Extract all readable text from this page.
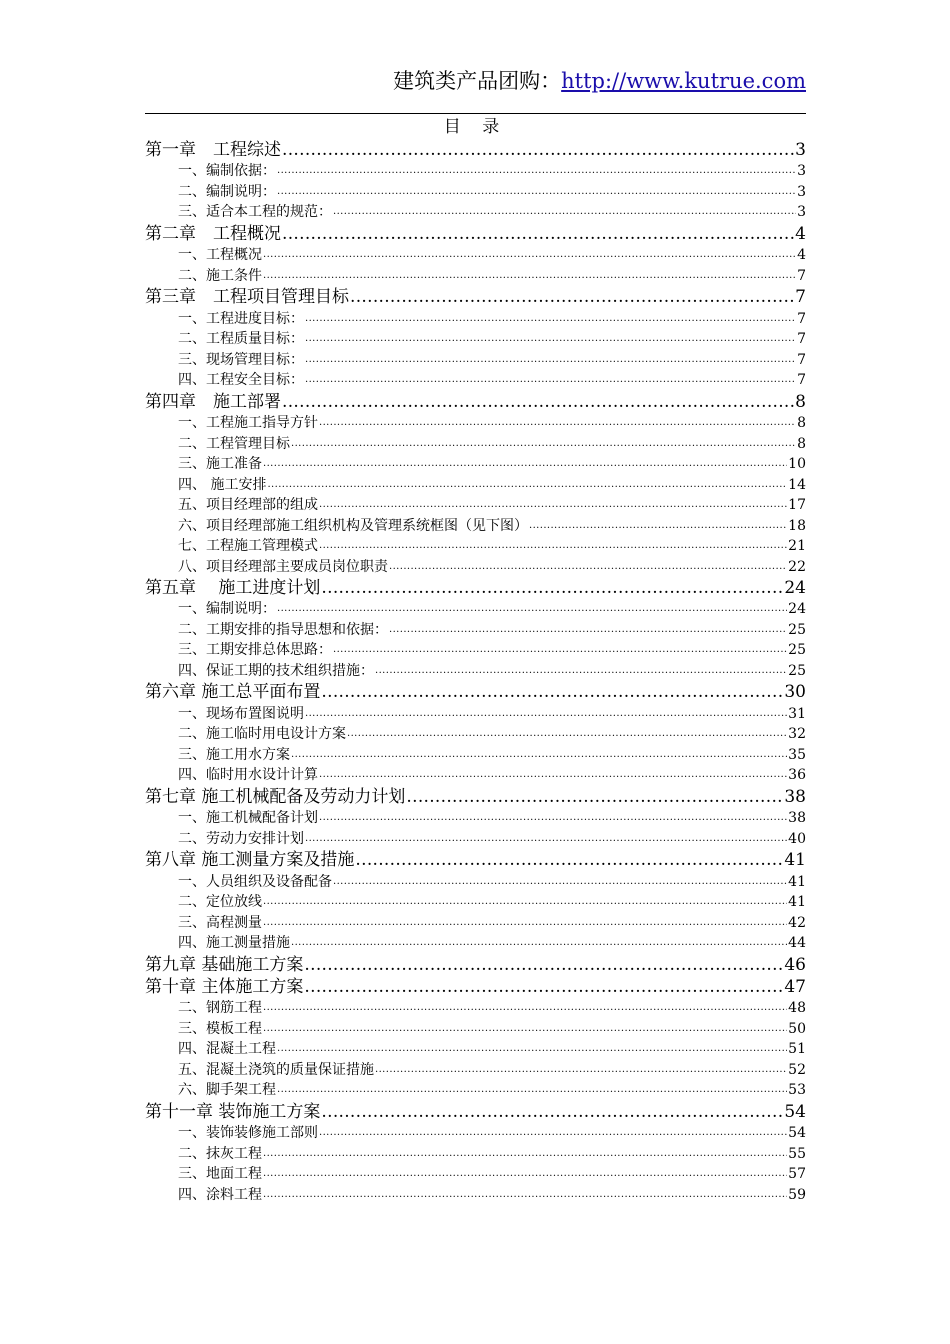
建筑类产品团购：http://www.kutrue.com
目 录
第一章　工程综述 .....	3
一、编制依据： .....	3
二、编制说明： .....	3
三、适合本工程的规范： .....	3
第二章　工程概况 .....	4
一、工程概况 .....	4
二、施工条件 .....	7
第三章　工程项目管理目标 .....	7
一、工程进度目标： .....	7
二、工程质量目标： .....	7
三、现场管理目标： .....	7
四、工程安全目标： .....	7
第四章　施工部署 .....	8
一、工程施工指导方针 .....	8
二、工程管理目标 .....	8
三、施工准备 .....	10
四、 施工安排 .....	14
五、项目经理部的组成 .....	17
六、项目经理部施工组织机构及管理系统框图（见下图） .....	18
七、工程施工管理模式 .....	21
八、项目经理部主要成员岗位职责 .....	22
第五章　 施工进度计划 .....	24
一、编制说明： .....	24
二、工期安排的指导思想和依据： .....	25
三、工期安排总体思路： .....	25
四、保证工期的技术组织措施： .....	25
第六章 施工总平面布置 .....	30
一、现场布置图说明 .....	31
二、施工临时用电设计方案 .....	32
三、施工用水方案 .....	35
四、临时用水设计计算 .....	36
第七章 施工机械配备及劳动力计划 .....	38
一、施工机械配备计划 .....	38
二、劳动力安排计划 .....	40
第八章 施工测量方案及措施 .....	41
一、人员组织及设备配备 .....	41
二、定位放线 .....	41
三、高程测量 .....	42
四、施工测量措施 .....	44
第九章 基础施工方案 .....	46
第十章 主体施工方案 .....	47
二、钢筋工程 .....	48
三、模板工程 .....	50
四、混凝土工程 .....	51
五、混凝土浇筑的质量保证措施 .....	52
六、脚手架工程 .....	53
第十一章 装饰施工方案 .....	54
一、装饰装修施工部则 .....	54
二、抹灰工程 .....	55
三、地面工程 .....	57
四、涂料工程 .....	59
